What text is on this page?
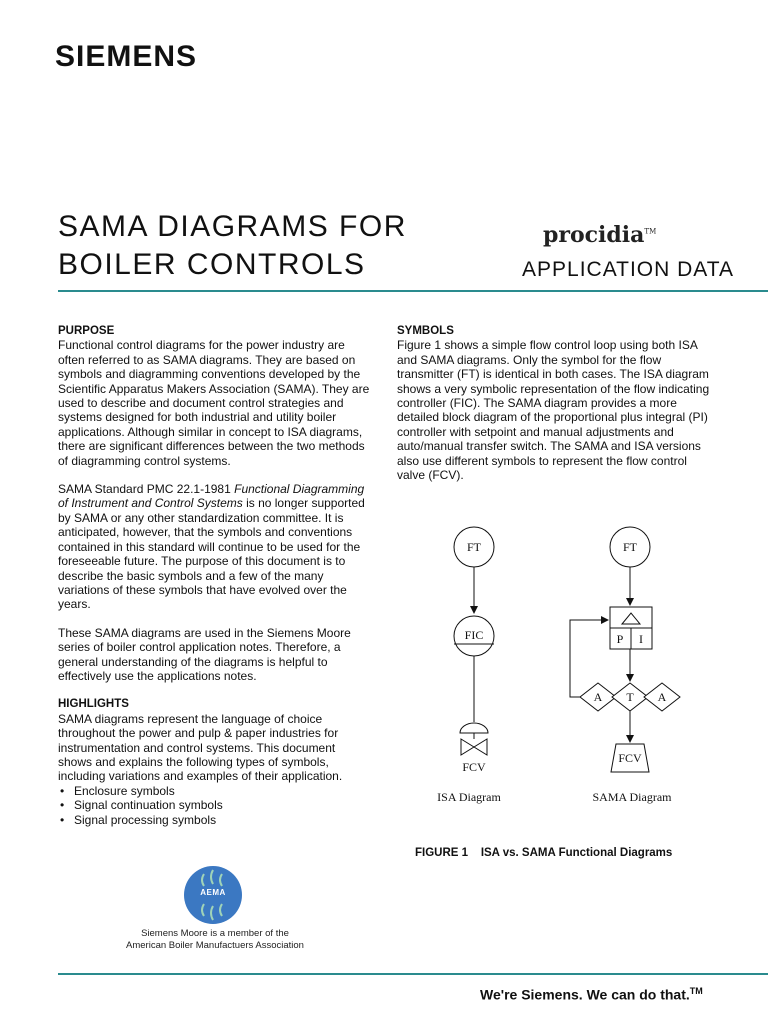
SIEMENS
SAMA DIAGRAMS FOR
BOILER CONTROLS
procidia™
APPLICATION DATA
PURPOSE

Functional control diagrams for the power industry are often referred to as SAMA diagrams. They are based on symbols and diagramming conventions developed by the Scientific Apparatus Makers Association (SAMA). They are used to describe and document control strategies and systems designed for both industrial and utility boiler applications. Although similar in concept to ISA diagrams, there are significant differences between the two methods of diagramming control systems.

SAMA Standard PMC 22.1-1981 Functional Diagramming of Instrument and Control Systems is no longer supported by SAMA or any other standardization committee. It is anticipated, however, that the symbols and conventions contained in this standard will continue to be used for the foreseeable future. The purpose of this document is to describe the basic symbols and a few of the many variations of these symbols that have evolved over the years.

These SAMA diagrams are used in the Siemens Moore series of boiler control application notes. Therefore, a general understanding of the diagrams is helpful to effectively use the applications notes.

HIGHLIGHTS

SAMA diagrams represent the language of choice throughout the power and pulp & paper industries for instrumentation and control systems. This document shows and explains the following types of symbols, including variations and examples of their application.

• Enclosure symbols
• Signal continuation symbols
• Signal processing symbols
SYMBOLS

Figure 1 shows a simple flow control loop using both ISA and SAMA diagrams. Only the symbol for the flow transmitter (FT) is identical in both cases. The ISA diagram shows a very symbolic representation of the flow indicating controller (FIC). The SAMA diagram provides a more detailed block diagram of the proportional plus integral (PI) controller with setpoint and manual adjustments and auto/manual transfer switch. The SAMA and ISA versions also use different symbols to represent the flow control valve (FCV).

FT
FIC
FCV
ISA Diagram
FT
P I
A T A
FCV
SAMA Diagram
FIGURE 1    ISA vs. SAMA Functional Diagrams
AEMA
Siemens Moore is a member of the
American Boiler Manufactuers Association
We're Siemens. We can do that.™
